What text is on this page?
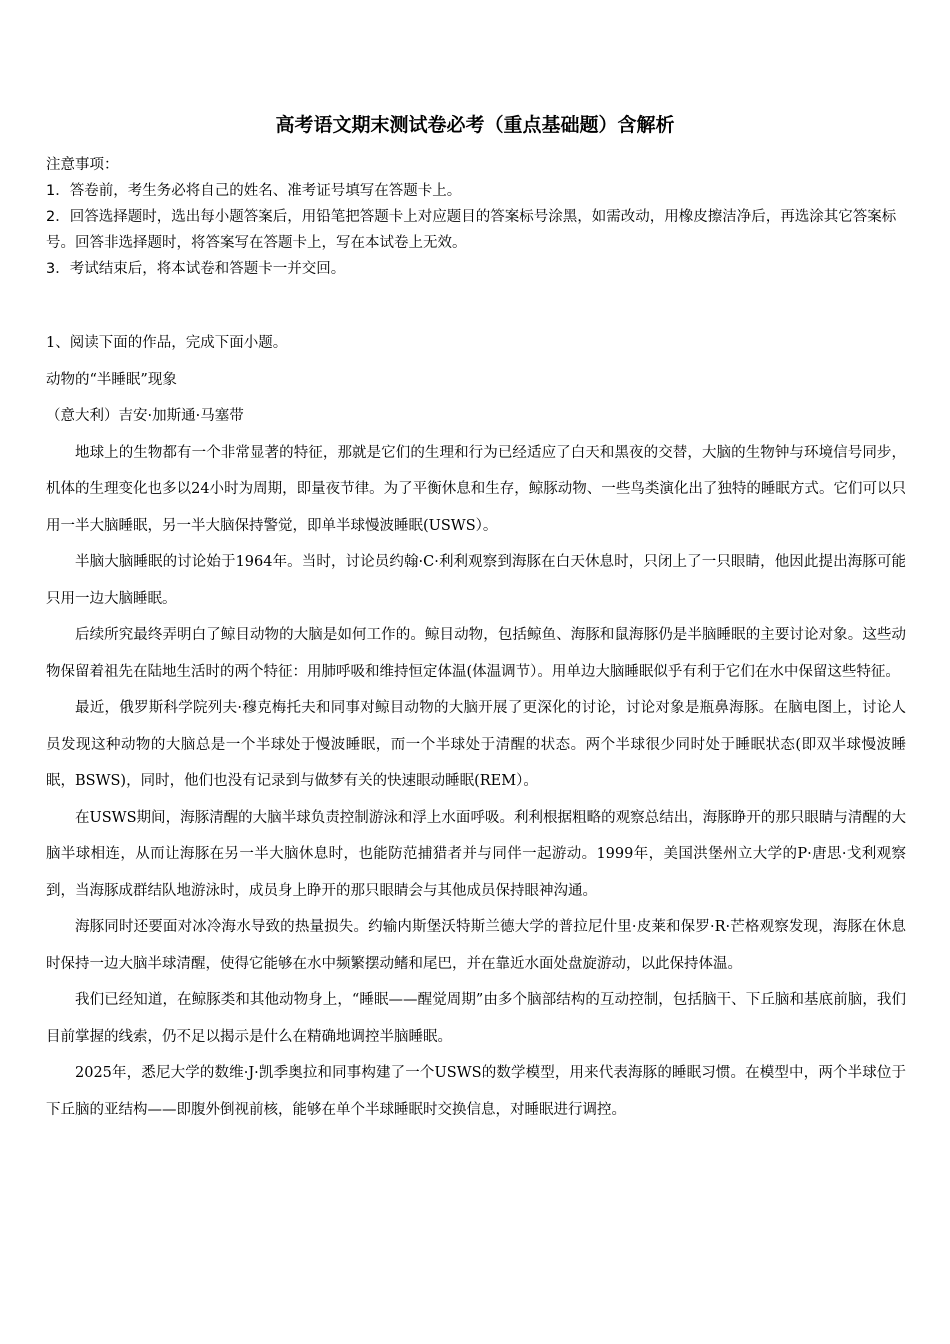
高考语文期末测试卷必考（重点基础题）含解析

注意事项：

1．答卷前，考生务必将自己的姓名、准考证号填写在答题卡上。

2．回答选择题时，选出每小题答案后，用铅笔把答题卡上对应题目的答案标号涂黑，如需改动，用橡皮擦洁净后，再选涂其它答案标号。回答非选择题时，将答案写在答题卡上，写在本试卷上无效。

3．考试结束后，将本试卷和答题卡一并交回。

1、阅读下面的作品，完成下面小题。

动物的“半睡眠”现象

（意大利）吉安·加斯通·马塞带

地球上的生物都有一个非常显著的特征，那就是它们的生理和行为已经适应了白天和黑夜的交替，大脑的生物钟与环境信号同步，机体的生理变化也多以24小时为周期，即量夜节律。为了平衡休息和生存，鲸豚动物、一些鸟类演化出了独特的睡眠方式。它们可以只用一半大脑睡眠，另一半大脑保持警觉，即单半球慢波睡眠(USWS）。

半脑大脑睡眠的讨论始于1964年。当时，讨论员约翰·C·利利观察到海豚在白天休息时，只闭上了一只眼睛，他因此提出海豚可能只用一边大脑睡眠。

后续所究最终弄明白了鲸目动物的大脑是如何工作的。鲸目动物，包括鲸鱼、海豚和鼠海豚仍是半脑睡眠的主要讨论对象。这些动物保留着祖先在陆地生活时的两个特征：用肺呼吸和维持恒定体温(体温调节）。用单边大脑睡眠似乎有利于它们在水中保留这些特征。

最近，俄罗斯科学院列夫·穆克梅托夫和同事对鲸目动物的大脑开展了更深化的讨论，讨论对象是瓶鼻海豚。在脑电图上，讨论人员发现这种动物的大脑总是一个半球处于慢波睡眠，而一个半球处于清醒的状态。两个半球很少同时处于睡眠状态(即双半球慢波睡眠，BSWS)，同时，他们也没有记录到与做梦有关的快速眼动睡眠(REM）。

在USWS期间，海豚清醒的大脑半球负责控制游泳和浮上水面呼吸。利利根据粗略的观察总结出，海豚睁开的那只眼睛与清醒的大脑半球相连，从而让海豚在另一半大脑休息时，也能防范捕猎者并与同伴一起游动。1999年，美国洪堡州立大学的P·唐思·戈利观察到，当海豚成群结队地游泳时，成员身上睁开的那只眼睛会与其他成员保持眼神沟通。

海豚同时还要面对冰冷海水导致的热量损失。约输内斯堡沃特斯兰德大学的普拉尼什里·皮莱和保罗·R·芒格观察发现，海豚在休息时保持一边大脑半球清醒，使得它能够在水中频繁摆动鳍和尾巴，并在靠近水面处盘旋游动，以此保持体温。

我们已经知道，在鲸豚类和其他动物身上，“睡眠——醒觉周期”由多个脑部结构的互动控制，包括脑干、下丘脑和基底前脑，我们目前掌握的线索，仍不足以揭示是什么在精确地调控半脑睡眠。

2025年，悉尼大学的数维·J·凯季奥拉和同事构建了一个USWS的数学模型，用来代表海豚的睡眠习惯。在模型中，两个半球位于下丘脑的亚结构——即腹外倒视前核，能够在单个半球睡眠时交换信息，对睡眠进行调控。
